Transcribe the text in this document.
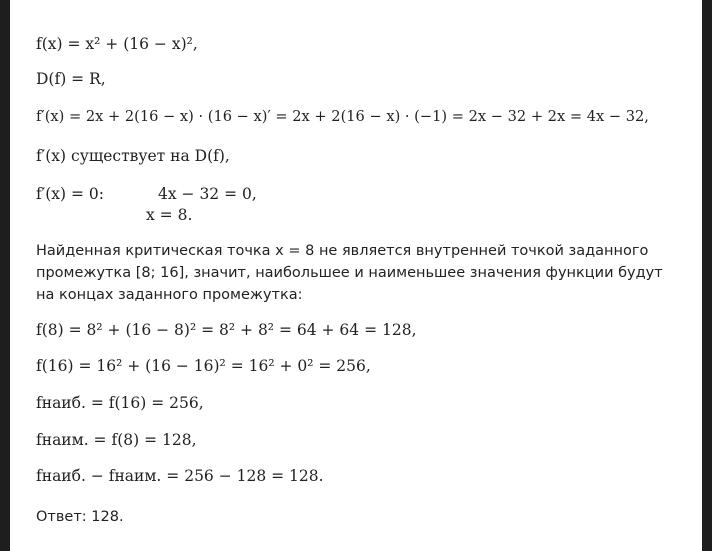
f(x) = x² + (16 − x)²,
D(f) = R,
f′(x) = 2x + 2(16 − x) · (16 − x)′ = 2x + 2(16 − x) · (−1) = 2x − 32 + 2x = 4x − 32,
f′(x) существует на D(f),
f′(x) = 0:	4x − 32 = 0,
x = 8.
Найденная критическая точка x = 8 не является внутренней точкой заданного
промежутка [8; 16], значит, наибольшее и наименьшее значения функции будут
на концах заданного промежутка:
f(8) = 8² + (16 − 8)² = 8² + 8² = 64 + 64 = 128,
f(16) = 16² + (16 − 16)² = 16² + 0² = 256,
fнаиб. = f(16) = 256,
fнаим. = f(8) = 128,
fнаиб. − fнаим. = 256 − 128 = 128.
Ответ: 128.
